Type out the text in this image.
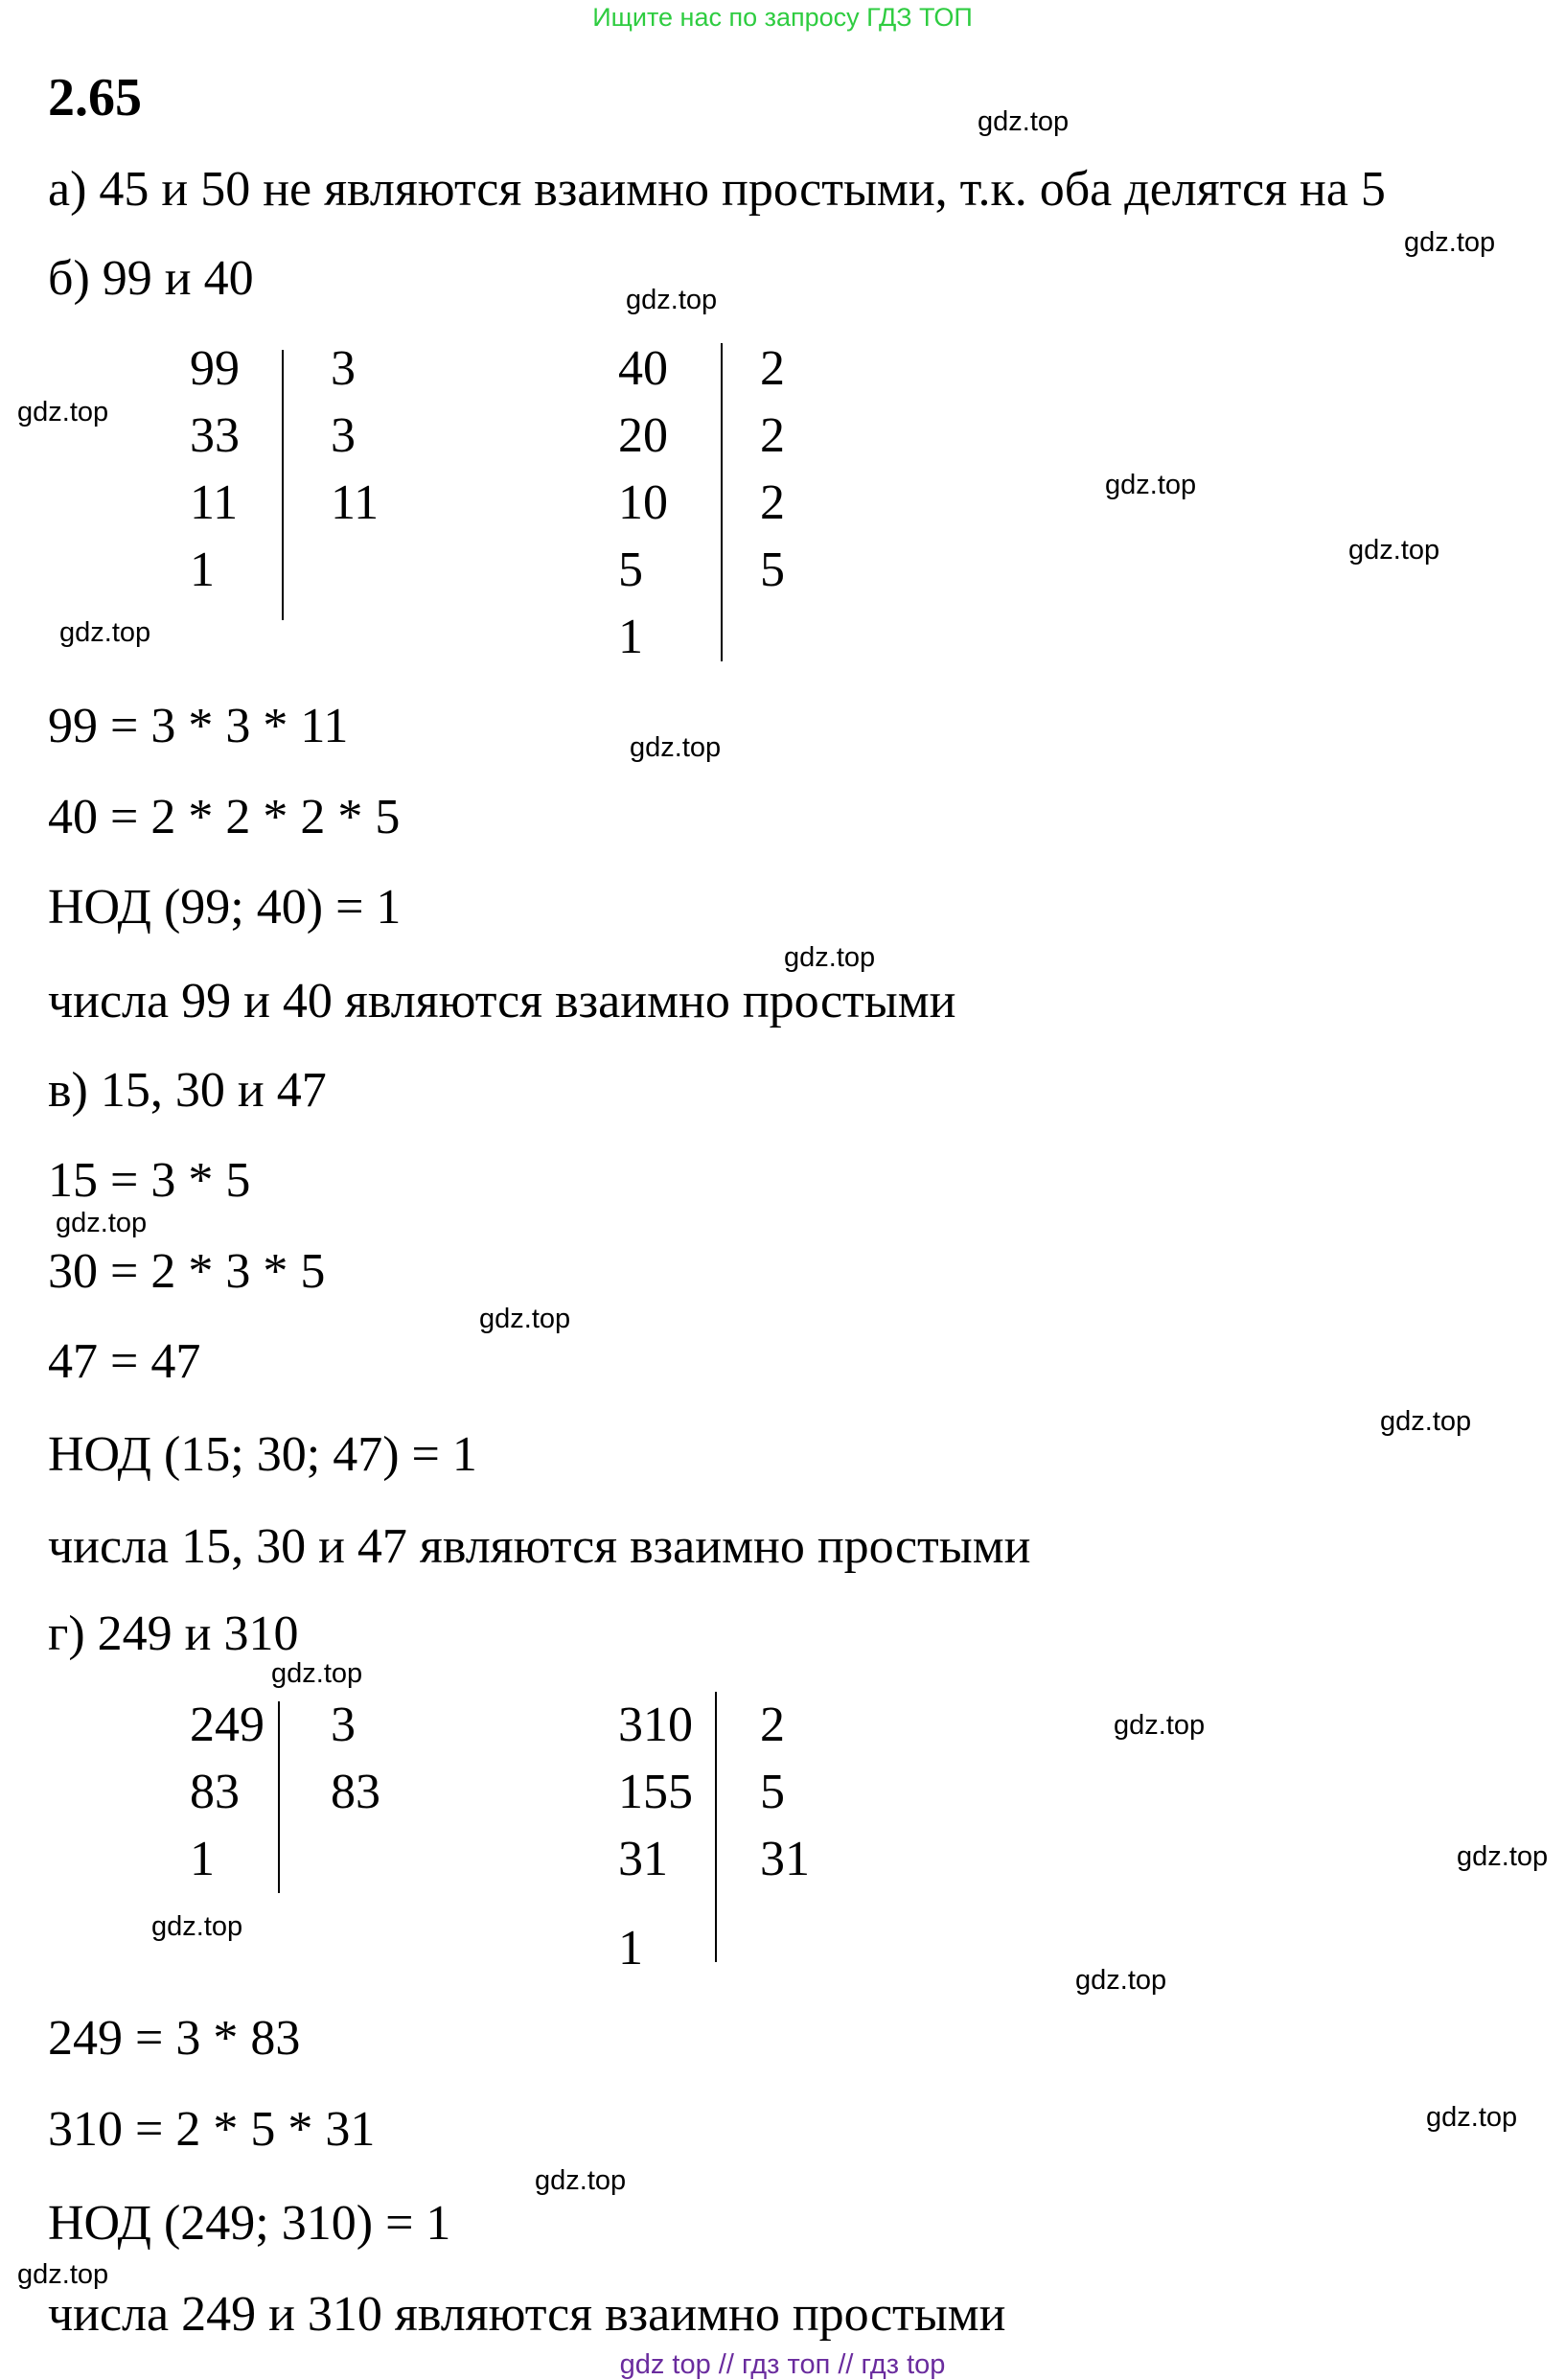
Ищите нас по запросу ГДЗ ТОП
2.65
а) 45 и 50 не являются взаимно простыми, т.к. оба делятся на 5
б) 99 и 40
99
33
11
1
3
3
11
40
20
10
5
1
2
2
2
5
99 = 3 * 3 * 11
40 = 2 * 2 * 2 * 5
НОД (99; 40) = 1
числа 99 и 40 являются взаимно простыми
в) 15, 30 и 47
15 = 3 * 5
30 = 2 * 3 * 5
47 = 47
НОД (15; 30; 47) = 1
числа 15, 30 и 47 являются взаимно простыми
г) 249 и 310
249
83
1
3
83
310
155
31
1
2
5
31
249 = 3 * 83
310 = 2 * 5 * 31
НОД (249; 310) = 1
числа 249 и 310 являются взаимно простыми
gdz.top
gdz.top
gdz.top
gdz.top
gdz.top
gdz.top
gdz.top
gdz.top
gdz.top
gdz.top
gdz.top
gdz.top
gdz.top
gdz.top
gdz.top
gdz.top
gdz.top
gdz.top
gdz.top
gdz.top
gdz top // гдз топ // гдз top
